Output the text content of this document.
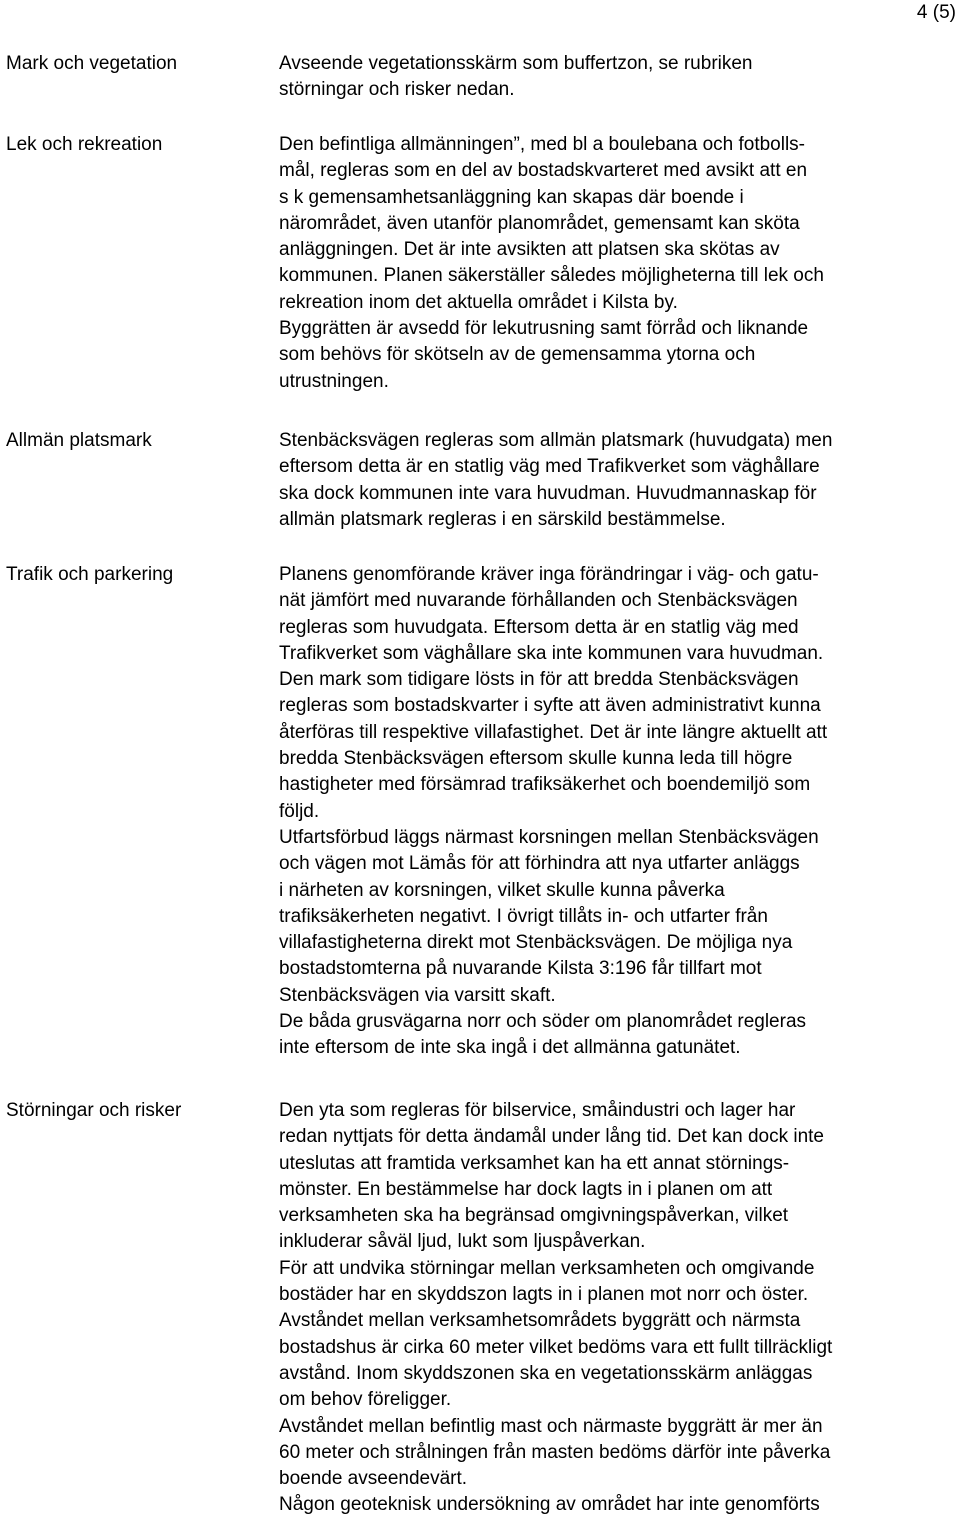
4 (5)
Mark och vegetation	Avseende vegetationsskärm som buffertzon, se rubriken
störningar och risker nedan.
Lek och rekreation	Den befintliga allmänningen”, med bl a boulebana och fotbolls-
mål, regleras som en del av bostadskvarteret med avsikt att en
s k gemensamhetsanläggning kan skapas där boende i
närområdet, även utanför planområdet, gemensamt kan sköta
anläggningen. Det är inte avsikten att platsen ska skötas av
kommunen. Planen säkerställer således möjligheterna till lek och
rekreation inom det aktuella området i Kilsta by.
Byggrätten är avsedd för lekutrusning samt förråd och liknande
som behövs för skötseln av de gemensamma ytorna och
utrustningen.
Allmän platsmark	Stenbäcksvägen regleras som allmän platsmark (huvudgata) men
eftersom detta är en statlig väg med Trafikverket som väghållare
ska dock kommunen inte vara huvudman. Huvudmannaskap för
allmän platsmark regleras i en särskild bestämmelse.
Trafik och parkering	Planens genomförande kräver inga förändringar i väg- och gatu-
nät jämfört med nuvarande förhållanden och Stenbäcksvägen
regleras som huvudgata. Eftersom detta är en statlig väg med
Trafikverket som väghållare ska inte kommunen vara huvudman.
Den mark som tidigare lösts in för att bredda Stenbäcksvägen
regleras som bostadskvarter i syfte att även administrativt kunna
återföras till respektive villafastighet. Det är inte längre aktuellt att
bredda Stenbäcksvägen eftersom skulle kunna leda till högre
hastigheter med försämrad trafiksäkerhet och boendemiljö som
följd.
Utfartsförbud läggs närmast korsningen mellan Stenbäcksvägen
och vägen mot Lämås för att förhindra att nya utfarter anläggs
i närheten av korsningen, vilket skulle kunna påverka
trafiksäkerheten negativt. I övrigt tillåts in- och utfarter från
villafastigheterna direkt mot Stenbäcksvägen. De möjliga nya
bostadstomterna på nuvarande Kilsta 3:196 får tillfart mot
Stenbäcksvägen via varsitt skaft.
De båda grusvägarna norr och söder om planområdet regleras
inte eftersom de inte ska ingå i det allmänna gatunätet.
Störningar och risker	Den yta som regleras för bilservice, småindustri och lager har
redan nyttjats för detta ändamål under lång tid. Det kan dock inte
uteslutas att framtida verksamhet kan ha ett annat störnings-
mönster. En bestämmelse har dock lagts in i planen om att
verksamheten ska ha begränsad omgivningspåverkan, vilket
inkluderar såväl ljud, lukt som ljuspåverkan.
För att undvika störningar mellan verksamheten och omgivande
bostäder har en skyddszon lagts in i planen mot norr och öster.
Avståndet mellan verksamhetsområdets byggrätt och närmsta
bostadshus är cirka 60 meter vilket bedöms vara ett fullt tillräckligt
avstånd. Inom skyddszonen ska en vegetationsskärm anläggas
om behov föreligger.
Avståndet mellan befintlig mast och närmaste byggrätt är mer än
60 meter och strålningen från masten bedöms därför inte påverka
boende avseendevärt.
Någon geoteknisk undersökning av området har inte genomförts
